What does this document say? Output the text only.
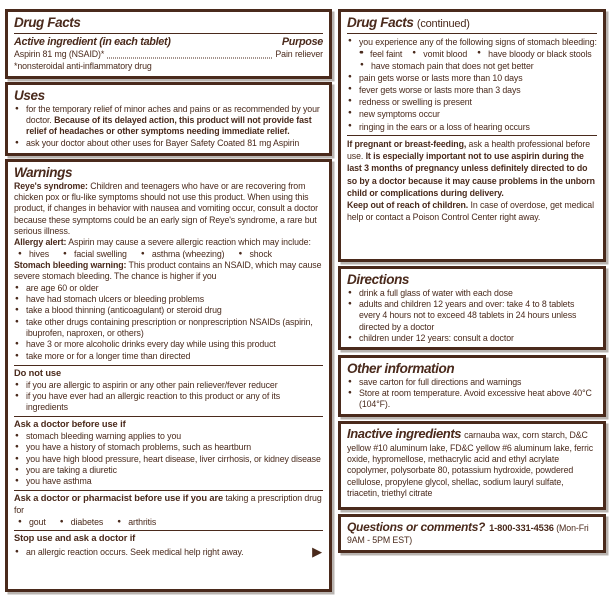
Drug Facts
Active ingredient (in each tablet)	Purpose
Aspirin 81 mg (NSAID)*	Pain reliever
*nonsteroidal anti-inflammatory drug
Uses
● for the temporary relief of minor aches and pains or as recommended by your doctor. Because of its delayed action, this product will not provide fast relief of headaches or other symptoms needing immediate relief.
● ask your doctor about other uses for Bayer Safety Coated 81 mg Aspirin
Warnings

Reye's syndrome: Children and teenagers who have or are recovering from chicken pox or flu-like symptoms should not use this product. When using this product, if changes in behavior with nausea and vomiting occur, consult a doctor because these symptoms could be an early sign of Reye's syndrome, a rare but serious illness.

Allergy alert: Aspirin may cause a severe allergic reaction which may include:

● hives	● facial swelling	● asthma (wheezing)	● shock

Stomach bleeding warning: This product contains an NSAID, which may cause severe stomach bleeding. The chance is higher if you

● are age 60 or older
● have had stomach ulcers or bleeding problems
● take a blood thinning (anticoagulant) or steroid drug
● take other drugs containing prescription or nonprescription NSAIDs (aspirin, ibuprofen, naproxen, or others)
● have 3 or more alcoholic drinks every day while using this product
● take more or for a longer time than directed
Do not use
● if you are allergic to aspirin or any other pain reliever/fever reducer
● if you have ever had an allergic reaction to this product or any of its ingredients
Ask a doctor before use if
● stomach bleeding warning applies to you
● you have a history of stomach problems, such as heartburn
● you have high blood pressure, heart disease, liver cirrhosis, or kidney disease
● you are taking a diuretic
● you have asthma

Ask a doctor or pharmacist before use if you are taking a prescription drug for

● gout	● diabetes	● arthritis
Stop use and ask a doctor if
● an allergic reaction occurs. Seek medical help right away.	▶
Drug Facts (continued)
● you experience any of the following signs of stomach bleeding:
● ● feel faint	● vomit blood	● have bloody or black stools
● have stomach pain that does not get better
● pain gets worse or lasts more than 10 days
● fever gets worse or lasts more than 3 days
● redness or swelling is present
● new symptoms occur
● ringing in the ears or a loss of hearing occurs

If pregnant or breast-feeding, ask a health professional before use. It is especially important not to use aspirin during the last 3 months of pregnancy unless definitely directed to do so by a doctor because it may cause problems in the unborn child or complications during delivery.

Keep out of reach of children. In case of overdose, get medical help or contact a Poison Control Center right away.

Directions
● drink a full glass of water with each dose
● adults and children 12 years and over: take 4 to 8 tablets every 4 hours not to exceed 48 tablets in 24 hours unless directed by a doctor
● children under 12 years: consult a doctor
Other information
● save carton for full directions and warnings
● Store at room temperature. Avoid excessive heat above 40°C (104°F).

Inactive ingredients carnauba wax, corn starch, D&C yellow #10 aluminum lake, FD&C yellow #6 aluminum lake, ferric oxide, hypromellose, methacrylic acid and ethyl acrylate copolymer, polysorbate 80, potassium hydroxide, powdered cellulose, propylene glycol, shellac, sodium lauryl sulfate, triacetin, triethyl citrate

Questions or comments? 1-800-331-4536 (Mon-Fri 9AM - 5PM EST)
